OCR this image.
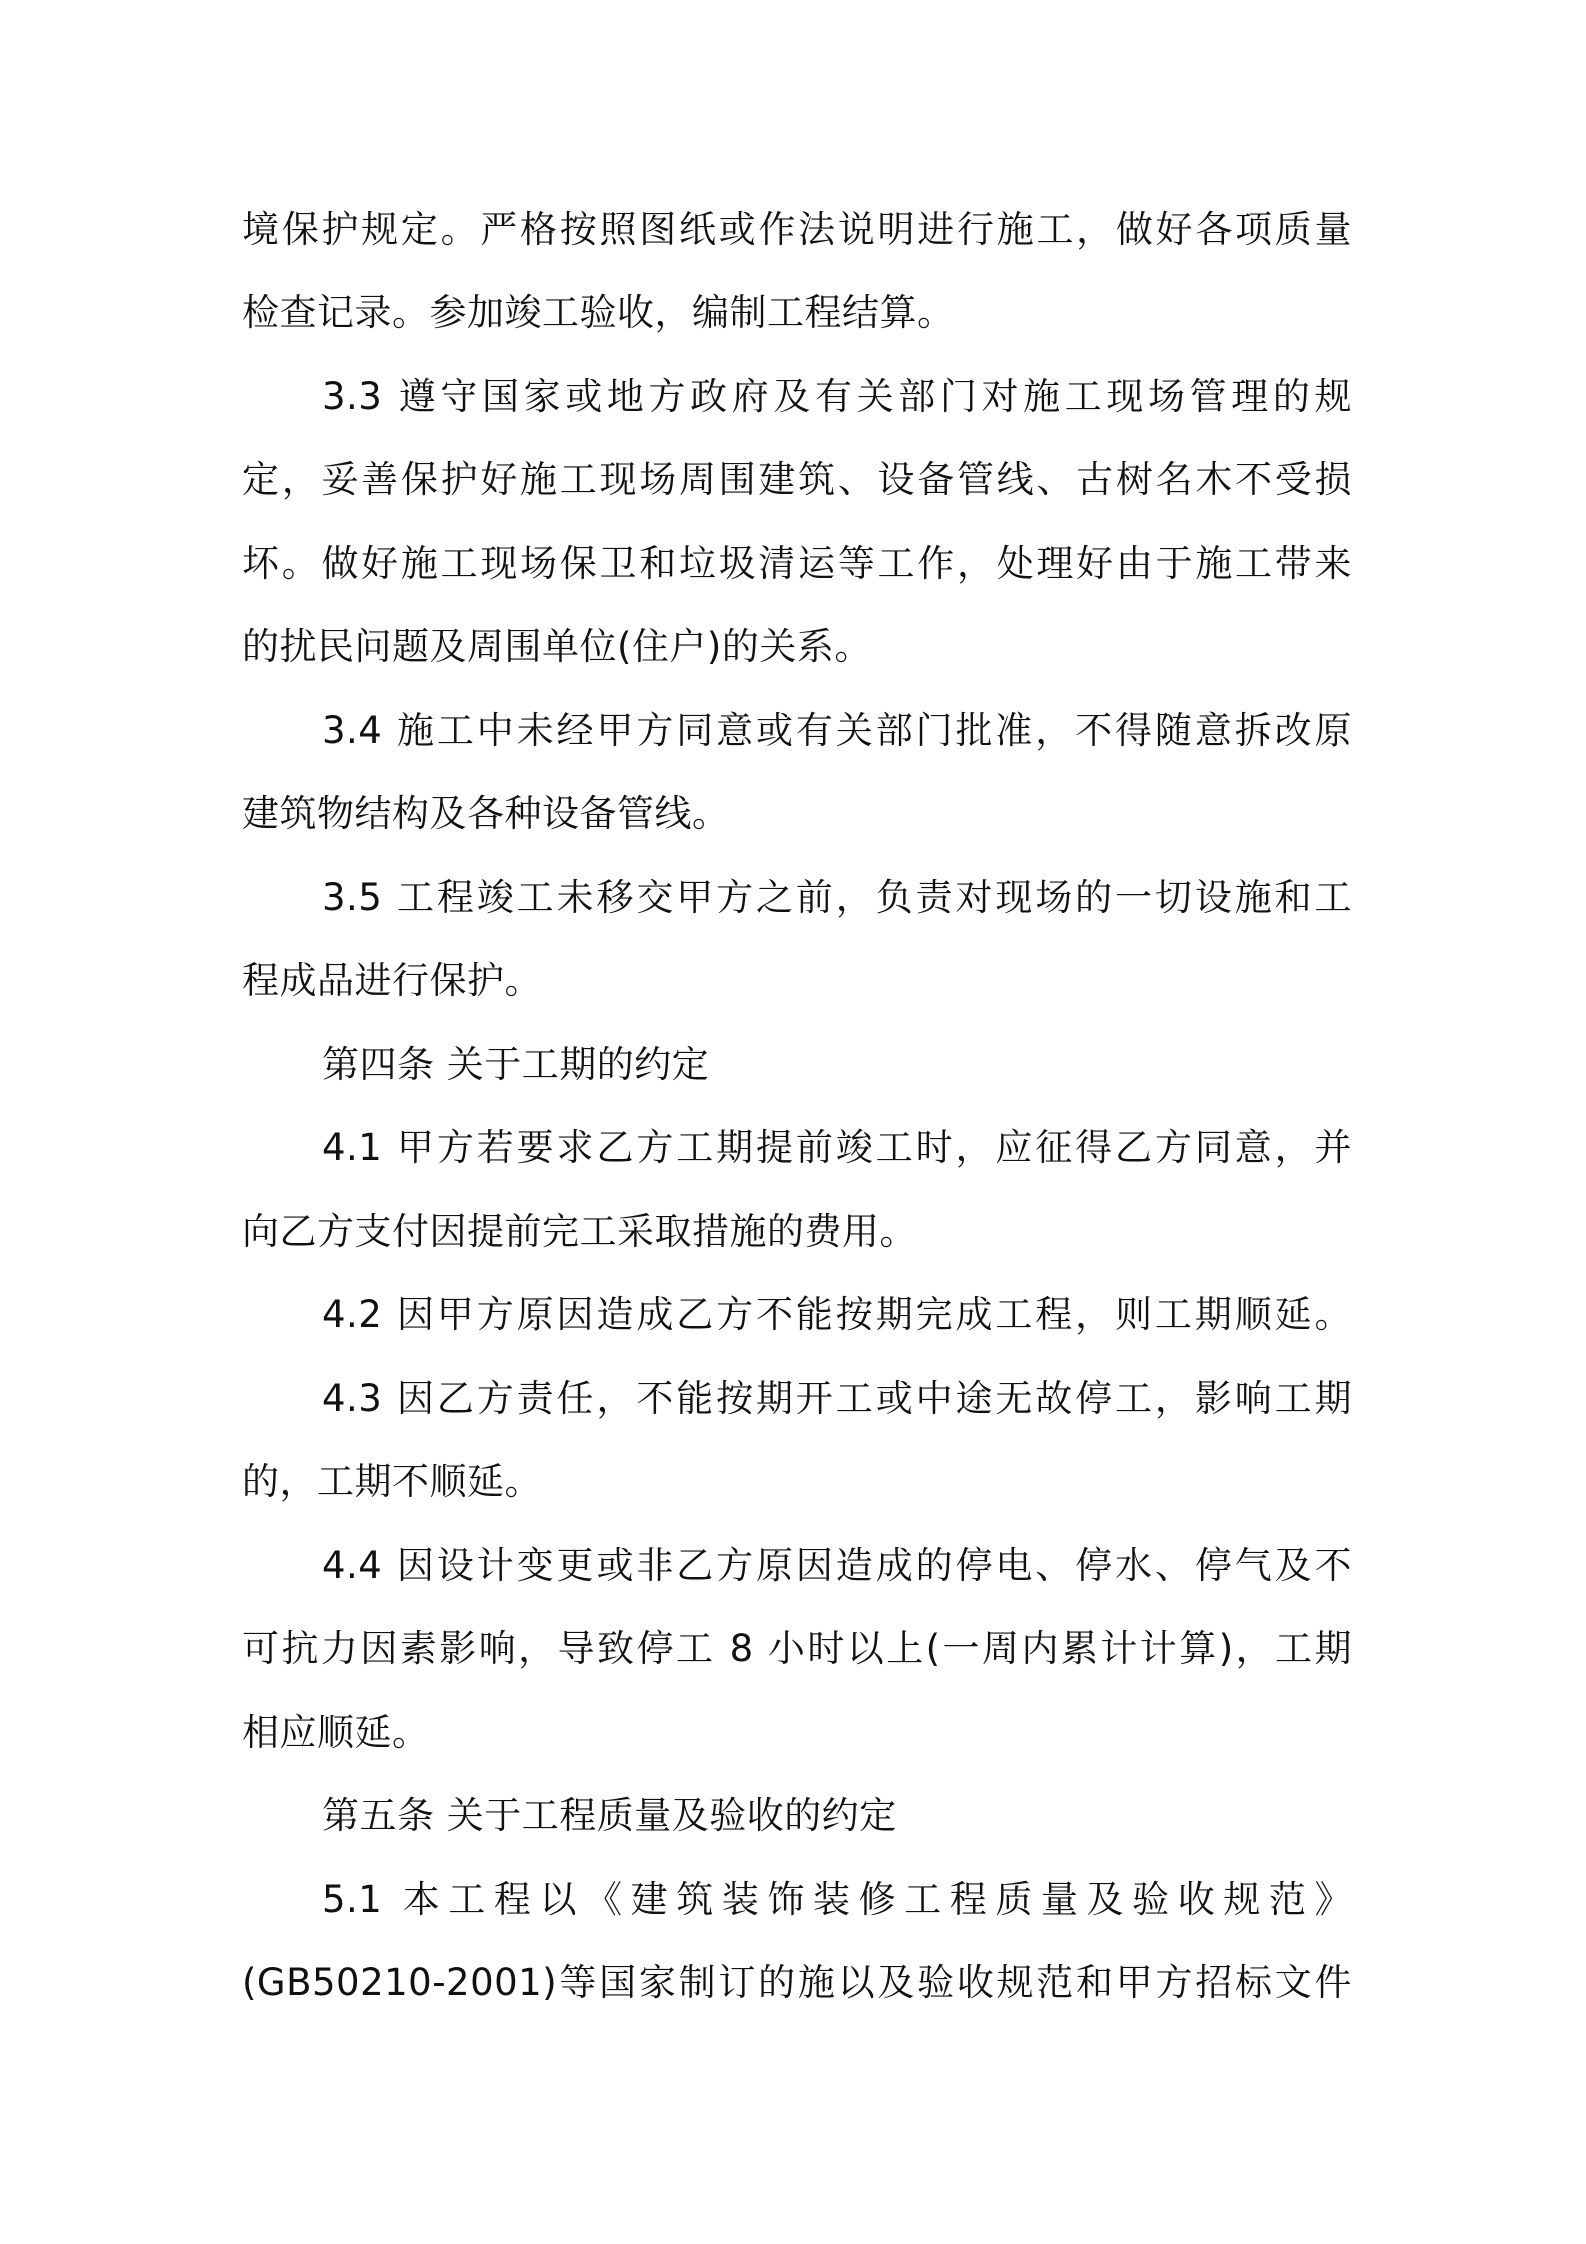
境保护规定。严格按照图纸或作法说明进行施工，做好各项质量
检查记录。参加竣工验收，编制工程结算。
3.3 遵守国家或地方政府及有关部门对施工现场管理的规
定，妥善保护好施工现场周围建筑、设备管线、古树名木不受损
坏。做好施工现场保卫和垃圾清运等工作，处理好由于施工带来
的扰民问题及周围单位(住户)的关系。
3.4 施工中未经甲方同意或有关部门批准，不得随意拆改原
建筑物结构及各种设备管线。
3.5 工程竣工未移交甲方之前，负责对现场的一切设施和工
程成品进行保护。
第四条 关于工期的约定
4.1 甲方若要求乙方工期提前竣工时，应征得乙方同意，并
向乙方支付因提前完工采取措施的费用。
4.2 因甲方原因造成乙方不能按期完成工程，则工期顺延。
4.3 因乙方责任，不能按期开工或中途无故停工，影响工期
的，工期不顺延。
4.4 因设计变更或非乙方原因造成的停电、停水、停气及不
可抗力因素影响，导致停工 8 小时以上(一周内累计计算)，工期
相应顺延。
第五条 关于工程质量及验收的约定
5.1 本工程以《建筑装饰装修工程质量及验收规范》
(GB50210-2001)等国家制订的施以及验收规范和甲方招标文件
